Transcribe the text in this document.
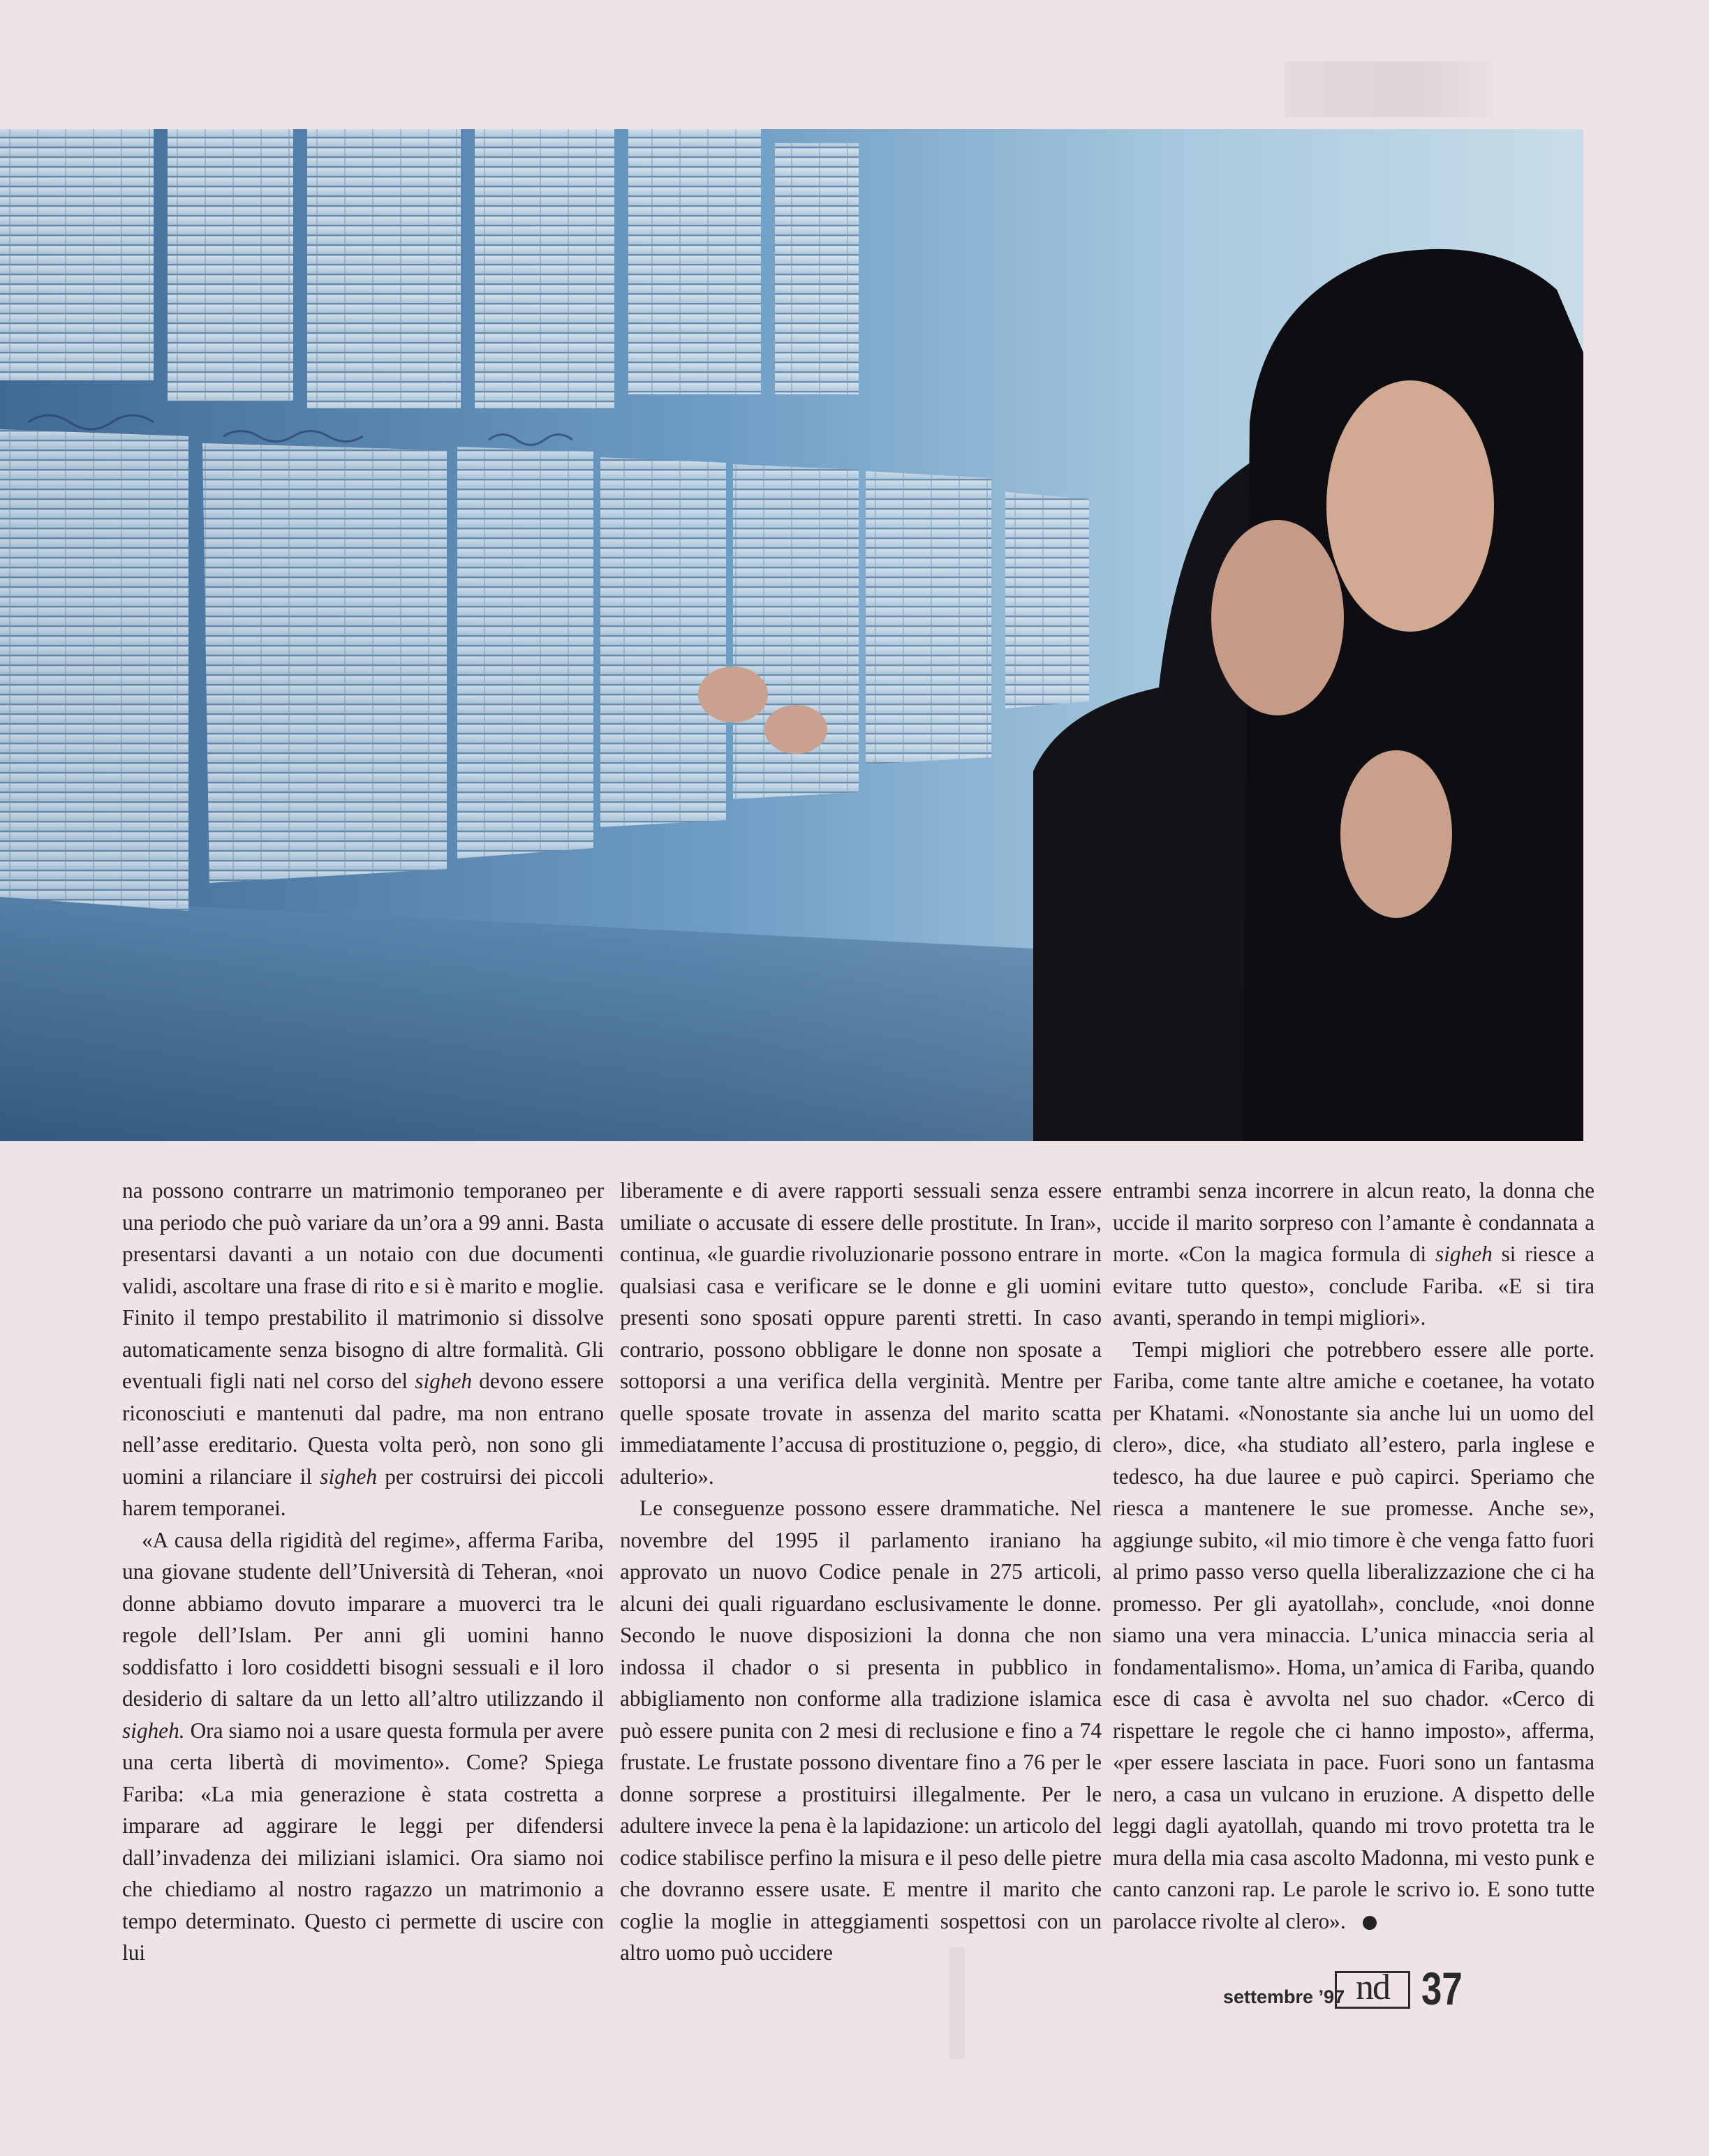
na possono contrarre un matrimonio temporaneo per una periodo che può variare da un’ora a 99 anni. Basta presentarsi davanti a un notaio con due documenti validi, ascoltare una frase di rito e si è marito e moglie. Finito il tempo prestabilito il matrimonio si dissolve automaticamente senza bisogno di altre formalità. Gli eventuali figli nati nel corso del sigheh devono essere riconosciuti e mantenuti dal padre, ma non entrano nell’asse ereditario. Questa volta però, non sono gli uomini a rilanciare il sigheh per costruirsi dei piccoli harem temporanei.

«A causa della rigidità del regime», afferma Fariba, una giovane studente dell’Università di Teheran, «noi donne abbiamo dovuto imparare a muoverci tra le regole dell’Islam. Per anni gli uomini hanno soddisfatto i loro cosiddetti bisogni sessuali e il loro desiderio di saltare da un letto all’altro utilizzando il sigheh. Ora siamo noi a usare questa formula per avere una certa libertà di movimento». Come? Spiega Fariba: «La mia generazione è stata costretta a imparare ad aggirare le leggi per difendersi dall’invadenza dei miliziani islamici. Ora siamo noi che chiediamo al nostro ragazzo un matrimonio a tempo determinato. Questo ci permette di uscire con lui

liberamente e di avere rapporti sessuali senza essere umiliate o accusate di essere delle prostitute. In Iran», continua, «le guardie rivoluzionarie possono entrare in qualsiasi casa e verificare se le donne e gli uomini presenti sono sposati oppure parenti stretti. In caso contrario, possono obbligare le donne non sposate a sottoporsi a una verifica della verginità. Mentre per quelle sposate trovate in assenza del marito scatta immediatamente l’accusa di prostituzione o, peggio, di adulterio».

Le conseguenze possono essere drammatiche. Nel novembre del 1995 il parlamento iraniano ha approvato un nuovo Codice penale in 275 articoli, alcuni dei quali riguardano esclusivamente le donne. Secondo le nuove disposizioni la donna che non indossa il chador o si presenta in pubblico in abbigliamento non conforme alla tradizione islamica può essere punita con 2 mesi di reclusione e fino a 74 frustate. Le frustate possono diventare fino a 76 per le donne sorprese a prostituirsi illegalmente. Per le adultere invece la pena è la lapidazione: un articolo del codice stabilisce perfino la misura e il peso delle pietre che dovranno essere usate. E mentre il marito che coglie la moglie in atteggiamenti sospettosi con un altro uomo può uccidere

entrambi senza incorrere in alcun reato, la donna che uccide il marito sorpreso con l’amante è condannata a morte. «Con la magica formula di sigheh si riesce a evitare tutto questo», conclude Fariba. «E si tira avanti, sperando in tempi migliori».

Tempi migliori che potrebbero essere alle porte. Fariba, come tante altre amiche e coetanee, ha votato per Khatami. «Nonostante sia anche lui un uomo del clero», dice, «ha studiato all’estero, parla inglese e tedesco, ha due lauree e può capirci. Speriamo che riesca a mantenere le sue promesse. Anche se», aggiunge subito, «il mio timore è che venga fatto fuori al primo passo verso quella liberalizzazione che ci ha promesso. Per gli ayatollah», conclude, «noi donne siamo una vera minaccia. L’unica minaccia seria al fondamentalismo». Homa, un’amica di Fariba, quando esce di casa è avvolta nel suo chador. «Cerco di rispettare le regole che ci hanno imposto», afferma, «per essere lasciata in pace. Fuori sono un fantasma nero, a casa un vulcano in eruzione. A dispetto delle leggi dagli ayatollah, quando mi trovo protetta tra le mura della mia casa ascolto Madonna, mi vesto punk e canto canzoni rap. Le parole le scrivo io. E sono tutte parolacce rivolte al clero».

settembre ’97 nd 37
